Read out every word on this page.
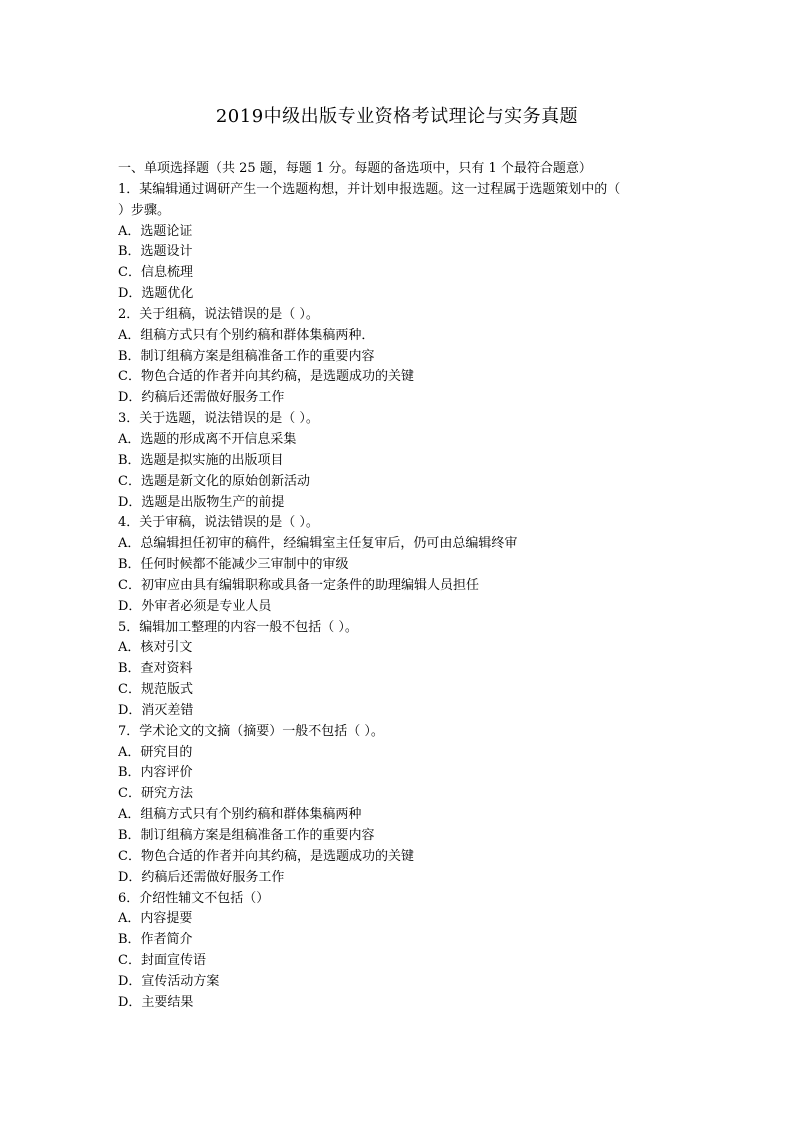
2019中级出版专业资格考试理论与实务真题
一、单项选择题（共 25 题，每题 1 分。每题的备选项中，只有 1 个最符合题意）
1．某编辑通过调研产生一个选题构想，并计划申报选题。这一过程属于选题策划中的（
）步骤。
A．选题论证
B．选题设计
C．信息梳理
D．选题优化
2．关于组稿，说法错误的是（ ）。
A．组稿方式只有个别约稿和群体集稿两种．
B．制订组稿方案是组稿准备工作的重要内容
C．物色合适的作者并向其约稿，是选题成功的关键
D．约稿后还需做好服务工作
3．关于选题，说法错误的是（ ）。
A．选题的形成离不开信息采集
B．选题是拟实施的出版项目
C．选题是新文化的原始创新活动
D．选题是出版物生产的前提
4．关于审稿，说法错误的是（ ）。
A．总编辑担任初审的稿件，经编辑室主任复审后，仍可由总编辑终审
B．任何时候都不能减少三审制中的审级
C．初审应由具有编辑职称或具备一定条件的助理编辑人员担任
D．外审者必须是专业人员
5．编辑加工整理的内容一般不包括（ ）。
A．核对引文
B．查对资料
C．规范版式
D．消灭差错
7．学术论文的文摘（摘要）一般不包括（ ）。
A．研究目的
B．内容评价
C．研究方法
A．组稿方式只有个别约稿和群体集稿两种
B．制订组稿方案是组稿准备工作的重要内容
C．物色合适的作者并向其约稿，是选题成功的关键
D．约稿后还需做好服务工作
6．介绍性辅文不包括（）
A．内容提要
B．作者简介
C．封面宣传语
D．宣传活动方案
D．主要结果
